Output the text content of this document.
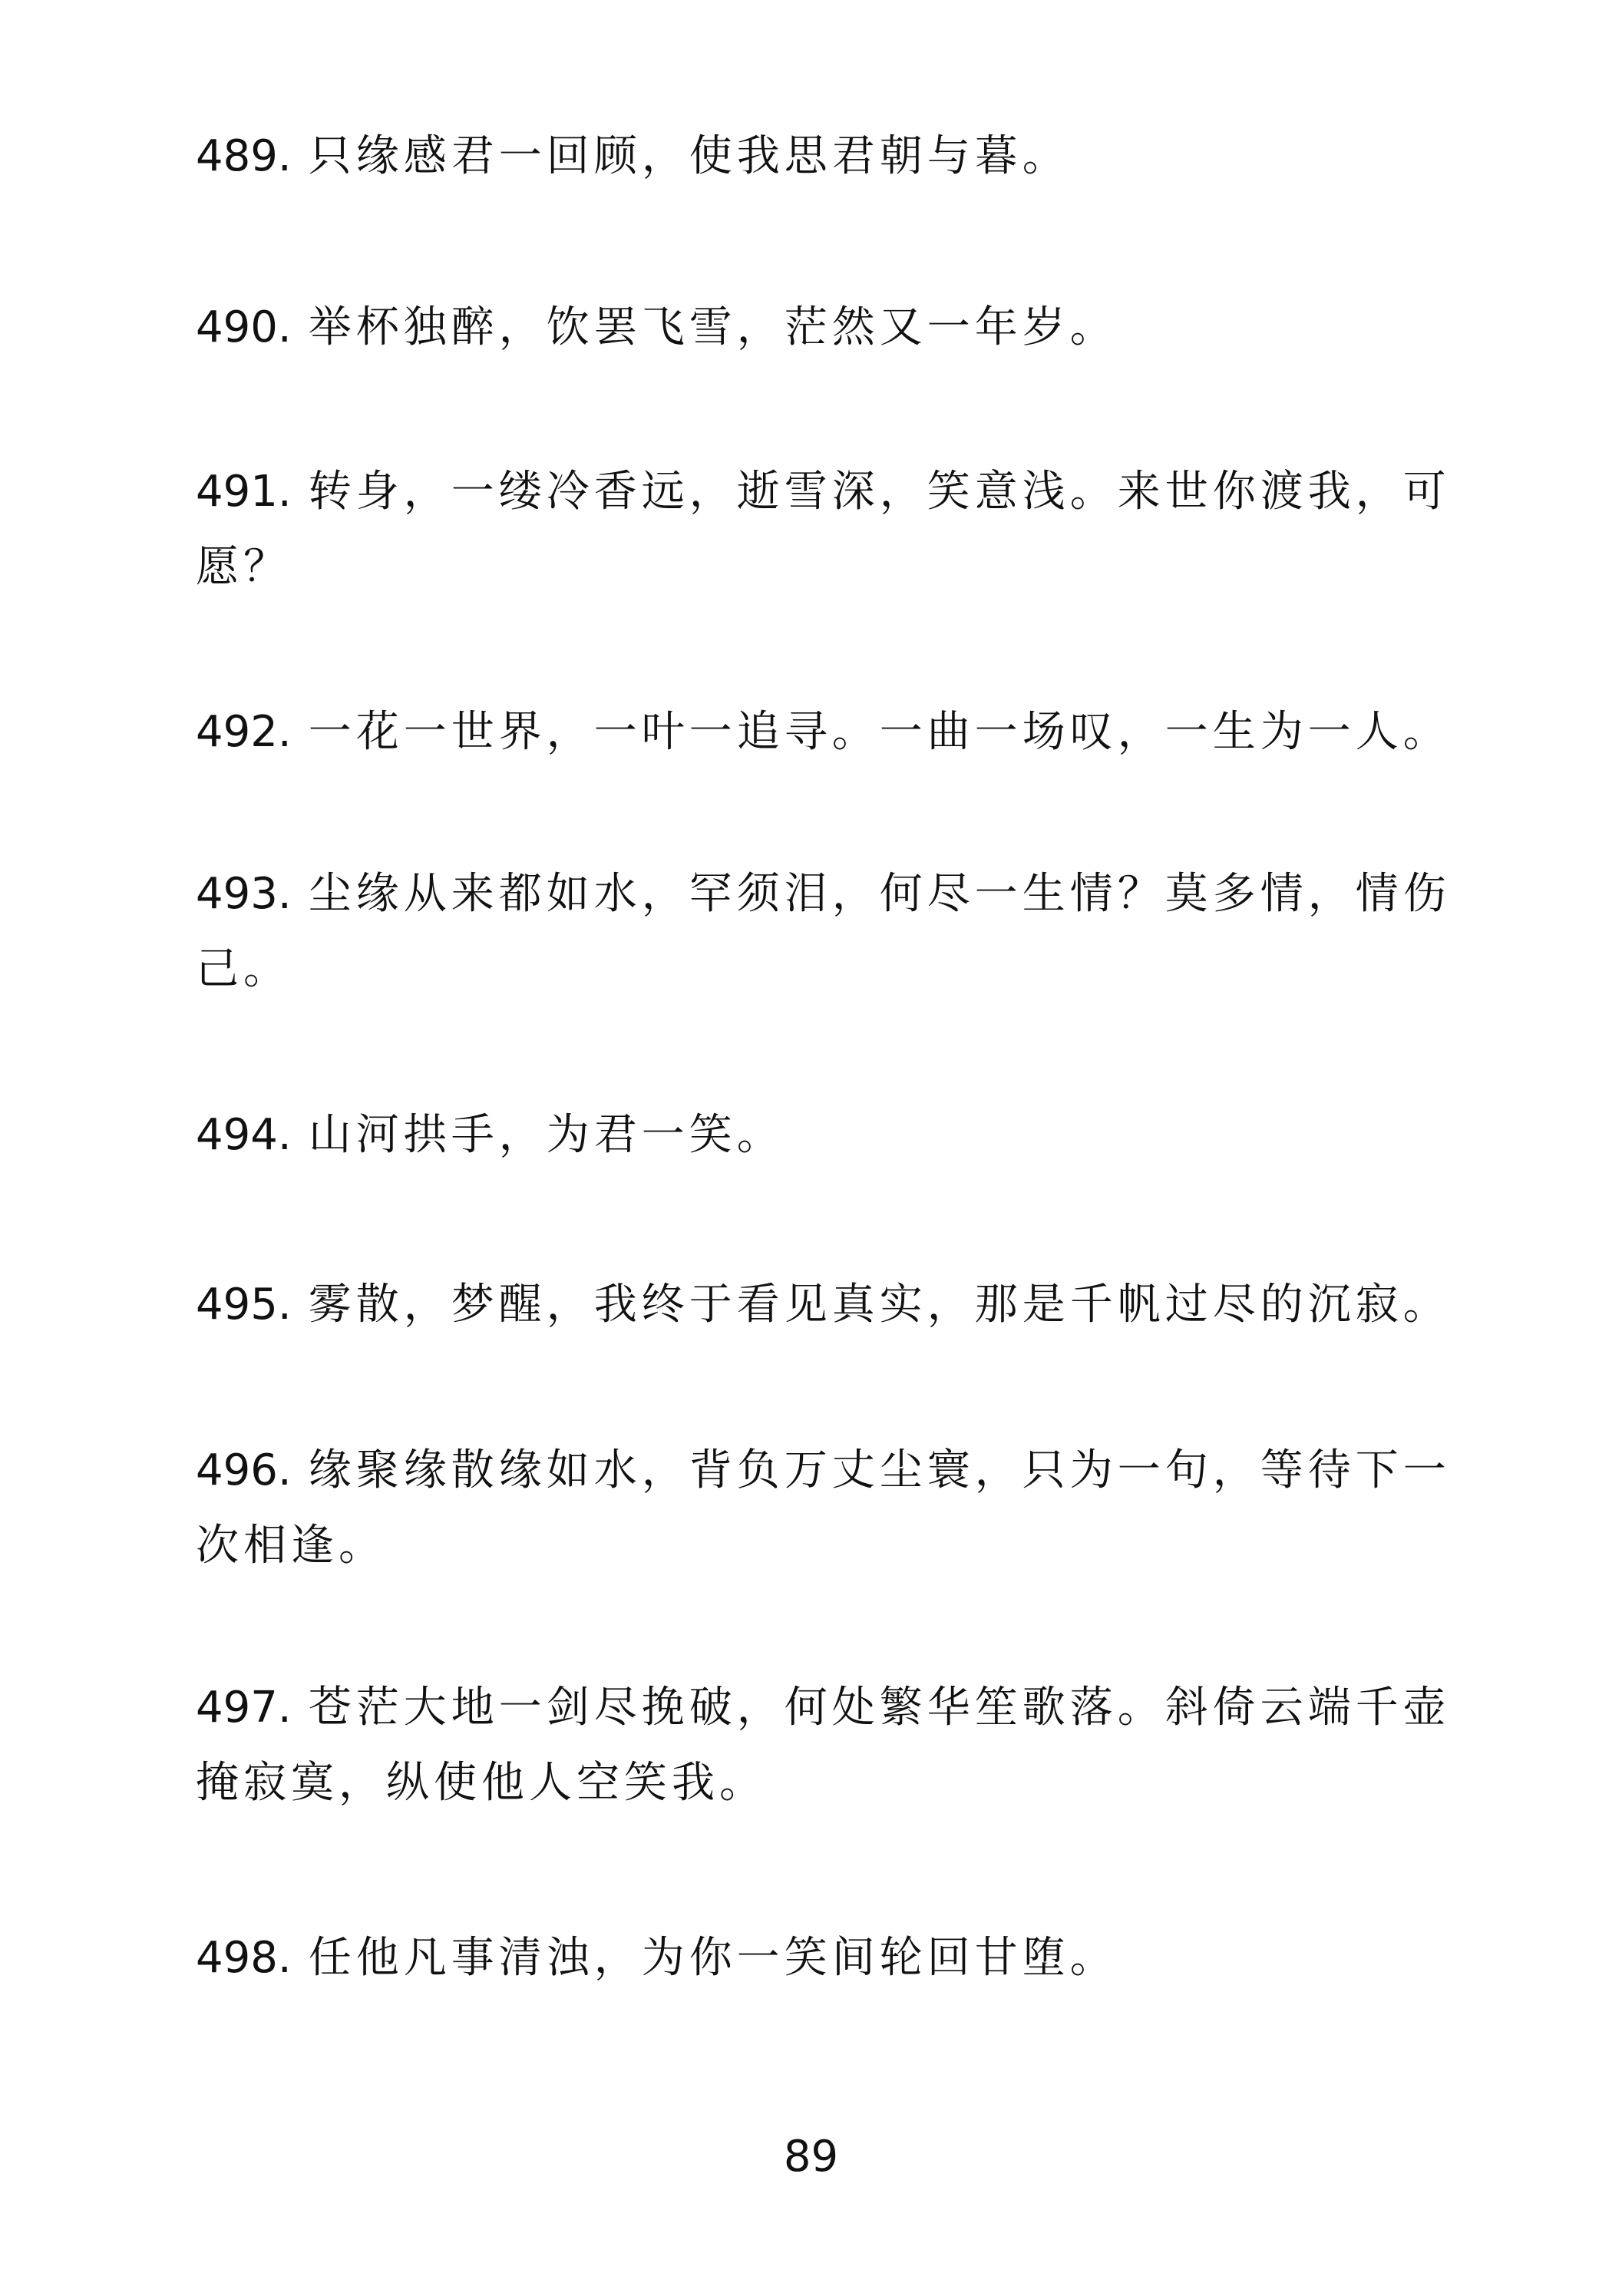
489. 只缘感君一回顾，使我思君朝与暮。
490. 举杯独醉，饮罢飞雪，茫然又一年岁。
491. 转身，一缕冷香远，逝雪深，笑意浅。来世你渡我，可愿？
492. 一花一世界，一叶一追寻。一曲一场叹，一生为一人。
493. 尘缘从来都如水，罕须泪，何尽一生情？莫多情，情伤己。
494. 山河拱手，为君一笑。
495. 雾散，梦醒，我终于看见真实，那是千帆过尽的沉寂。
496. 缘聚缘散缘如水，背负万丈尘寰，只为一句，等待下一次相逢。
497. 苍茫大地一剑尽挽破，何处繁华笙歌落。斜倚云端千壶掩寂寞，纵使他人空笑我。
498. 任他凡事清浊，为你一笑间轮回甘堕。
89
